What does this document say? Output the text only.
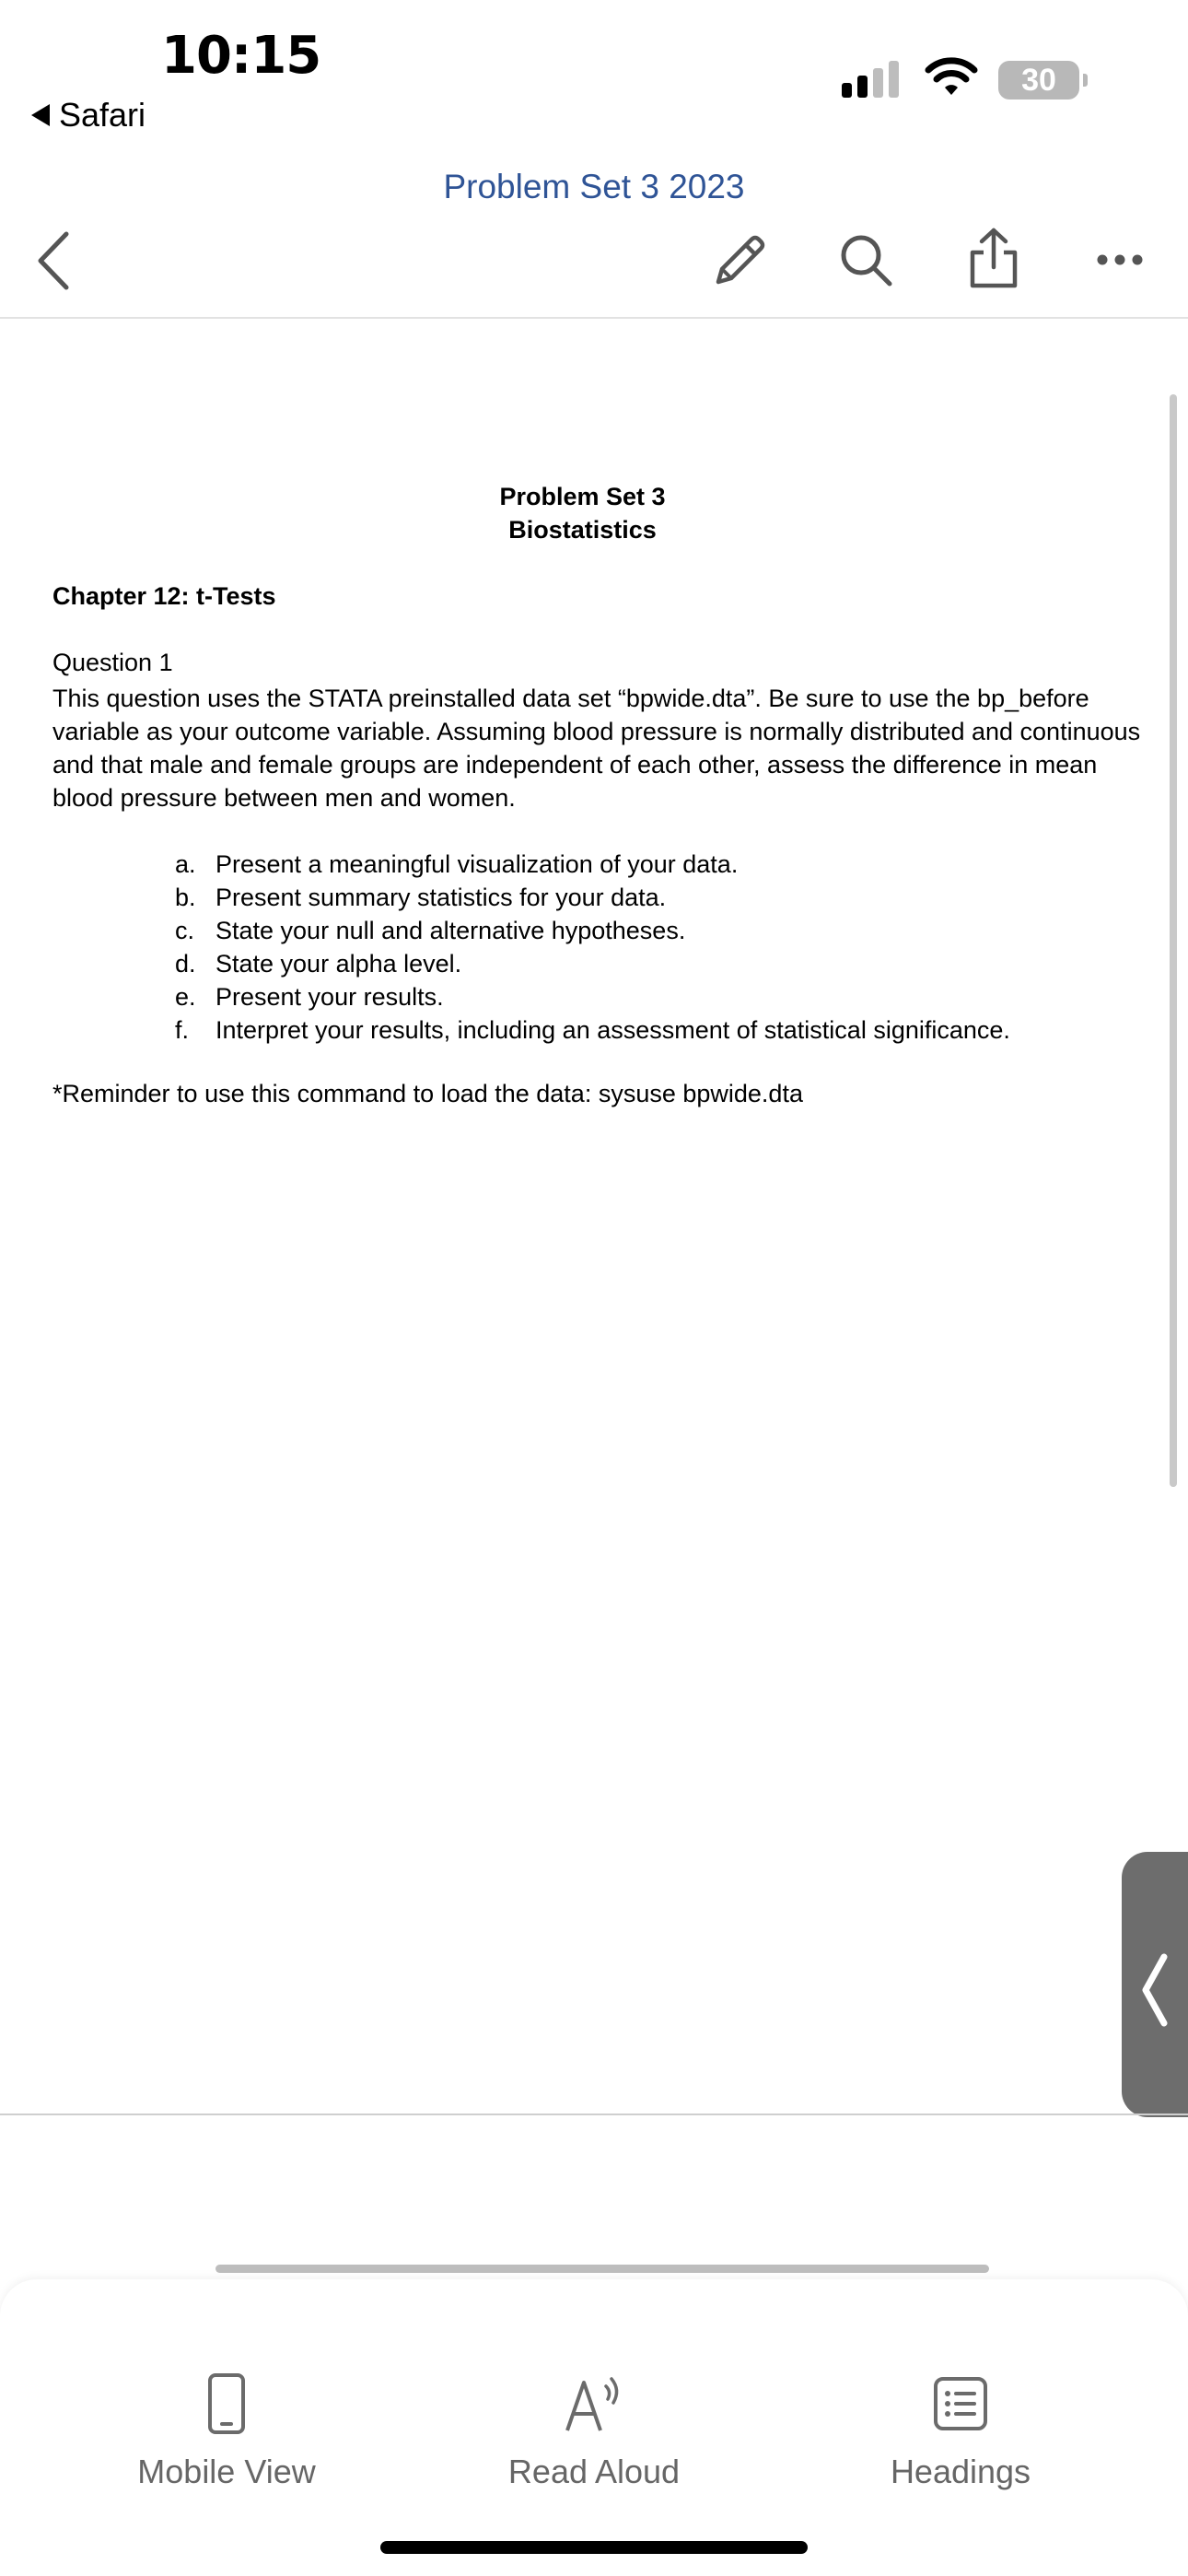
10:15
Safari
30
Problem Set 3 2023
Problem Set 3
Biostatistics
Chapter 12: t-Tests
Question 1
This question uses the STATA preinstalled data set “bpwide.dta”. Be sure to use the bp_before variable as your outcome variable. Assuming blood pressure is normally distributed and continuous and that male and female groups are independent of each other, assess the difference in mean blood pressure between men and women.
a. Present a meaningful visualization of your data.
b. Present summary statistics for your data.
c. State your null and alternative hypotheses.
d. State your alpha level.
e. Present your results.
f.	Interpret your results, including an assessment of statistical significance.
*Reminder to use this command to load the data: sysuse bpwide.dta
Mobile View	Read Aloud	Headings
